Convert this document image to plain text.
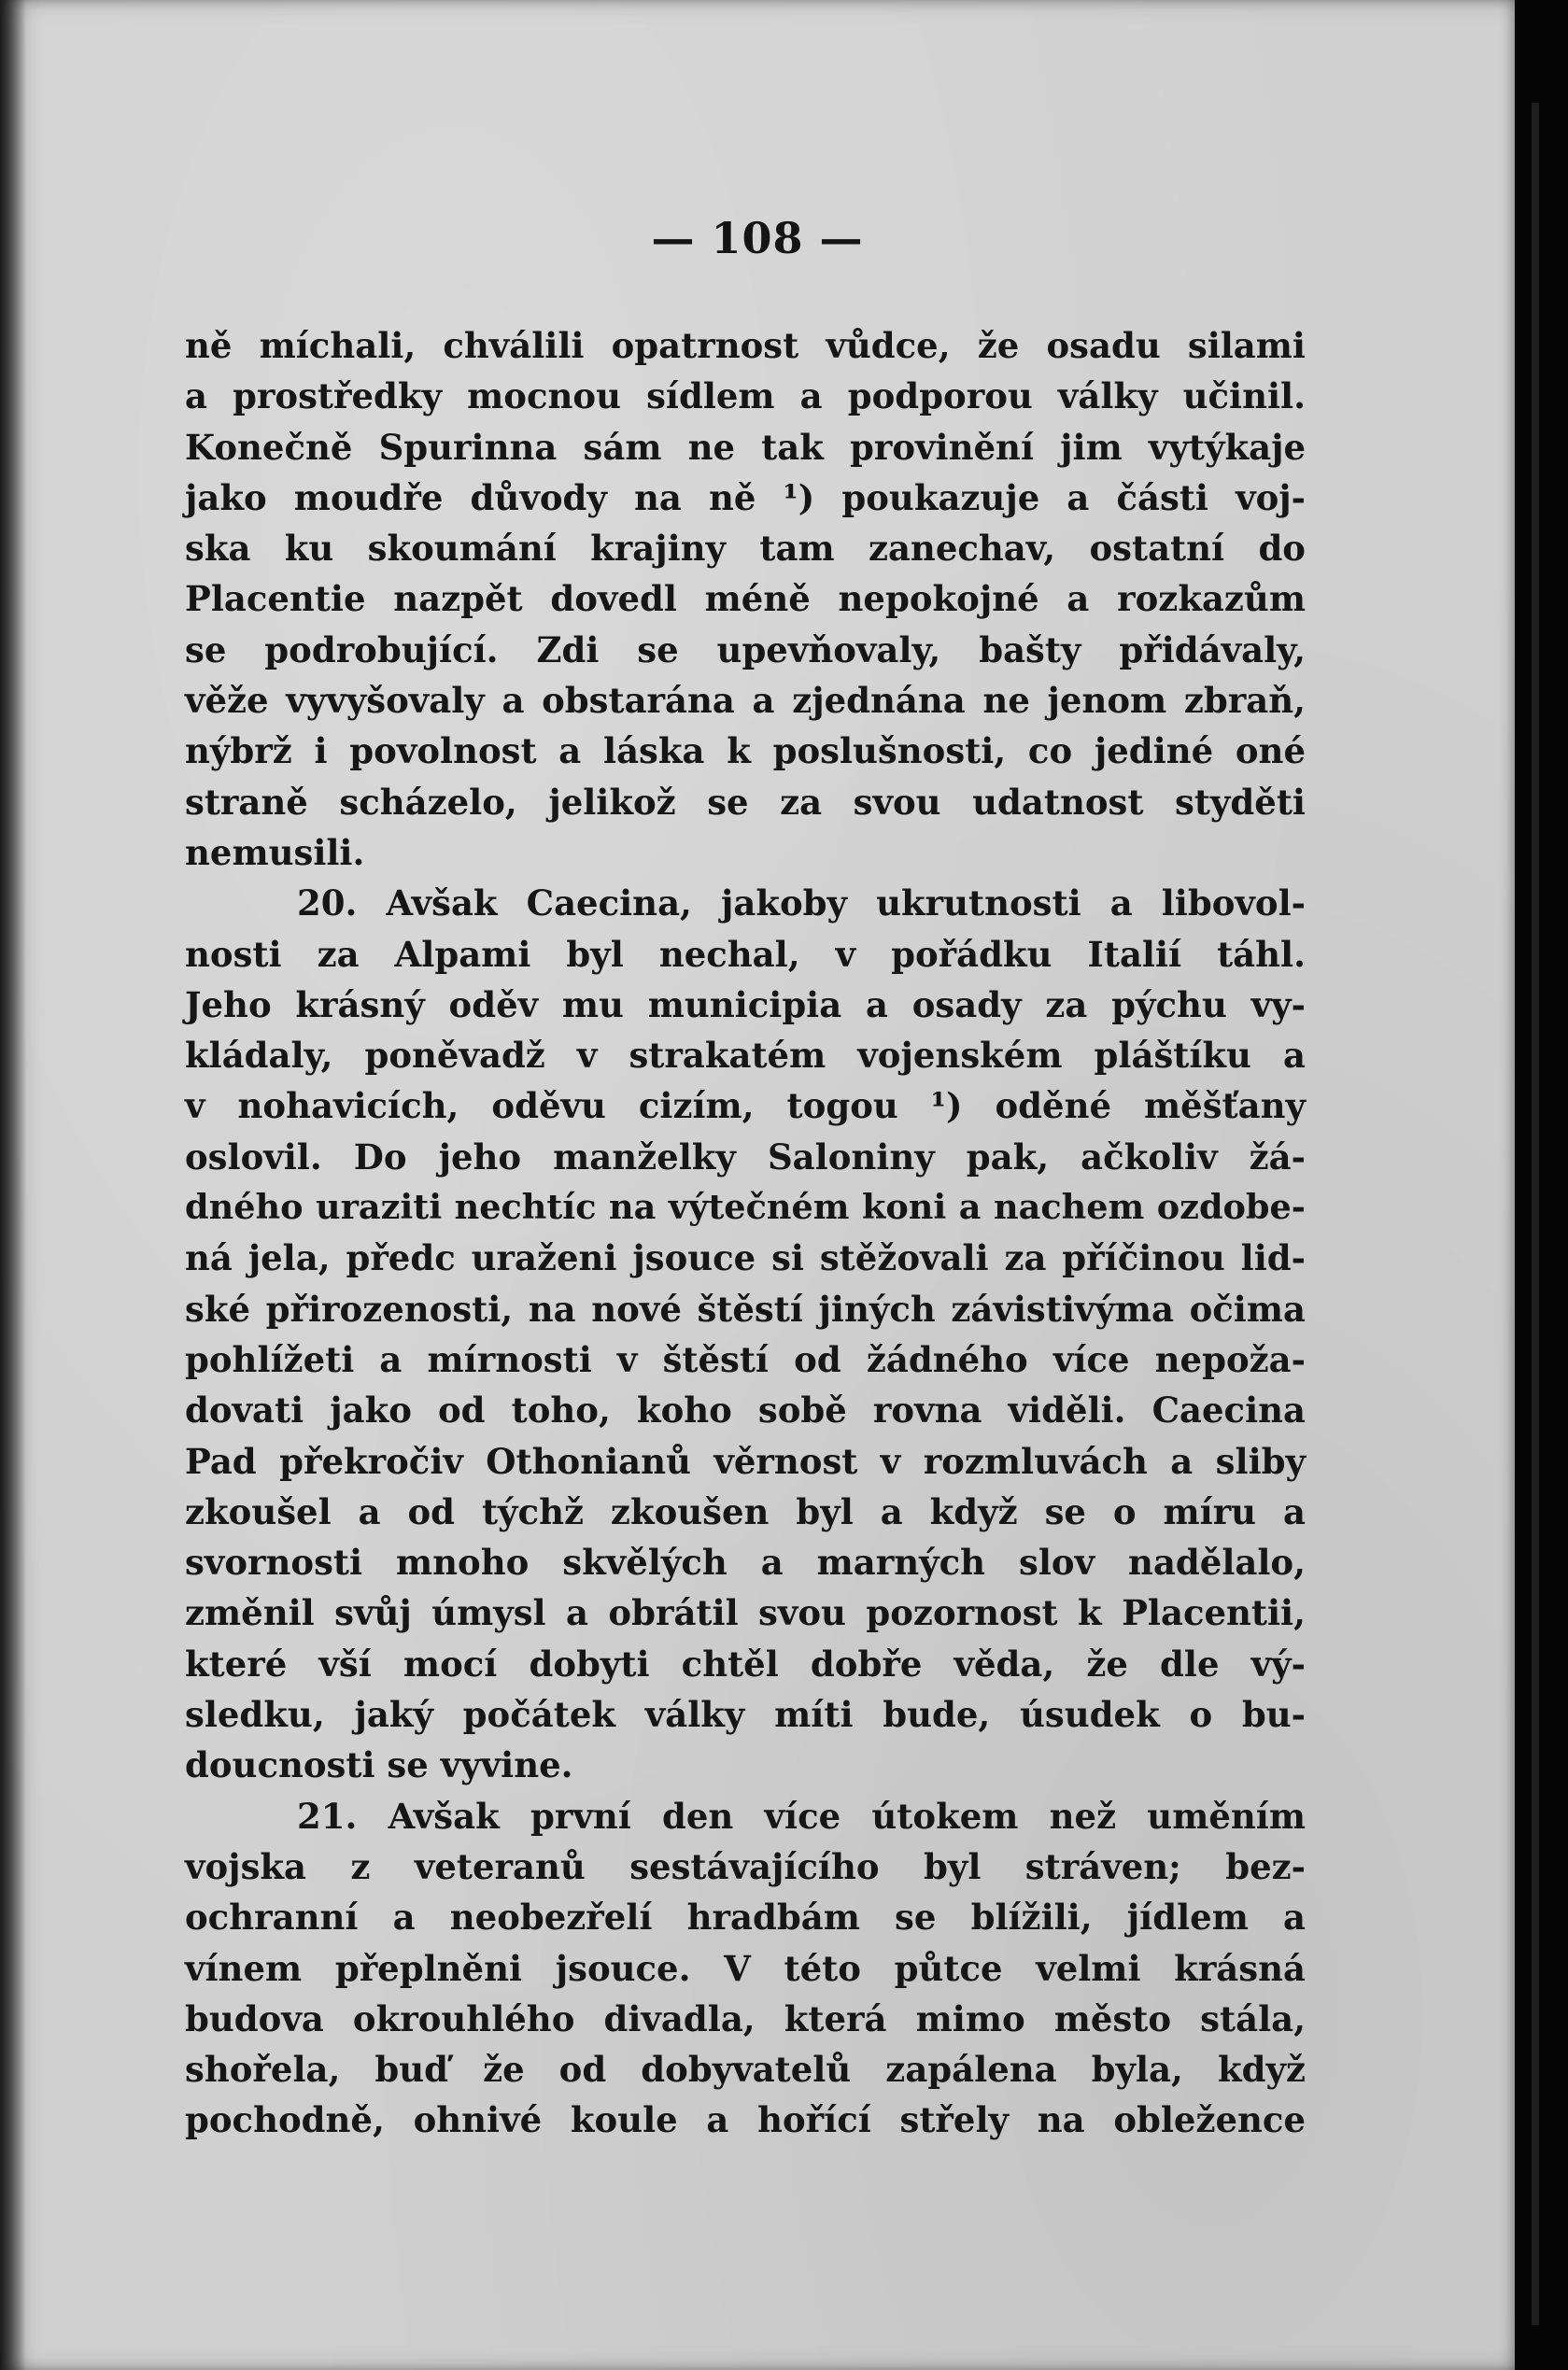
— 108 —
ně míchali, chválili opatrnost vůdce, že osadu silami
a prostředky mocnou sídlem a podporou války učinil.
Konečně Spurinna sám ne tak provinění jim vytýkaje
jako moudře důvody na ně ¹) poukazuje a části voj-
ska ku skoumání krajiny tam zanechav, ostatní do
Placentie nazpět dovedl méně nepokojné a rozkazům
se podrobující. Zdi se upevňovaly, bašty přidávaly,
věže vyvyšovaly a obstarána a zjednána ne jenom zbraň,
nýbrž i povolnost a láska k poslušnosti, co jediné oné
straně scházelo, jelikož se za svou udatnost styděti
nemusili.
20. Avšak Caecina, jakoby ukrutnosti a libovol-
nosti za Alpami byl nechal, v pořádku Italií táhl.
Jeho krásný oděv mu municipia a osady za pýchu vy-
kládaly, poněvadž v strakatém vojenském pláštíku a
v nohavicích, oděvu cizím, togou ¹) oděné měšťany
oslovil. Do jeho manželky Saloniny pak, ačkoliv žá-
dného uraziti nechtíc na výtečném koni a nachem ozdobe-
ná jela, předc uraženi jsouce si stěžovali za příčinou lid-
ské přirozenosti, na nové štěstí jiných závistivýma očima
pohlížeti a mírnosti v štěstí od žádného více nepoža-
dovati jako od toho, koho sobě rovna viděli. Caecina
Pad překročiv Othonianů věrnost v rozmluvách a sliby
zkoušel a od týchž zkoušen byl a když se o míru a
svornosti mnoho skvělých a marných slov nadělalo,
změnil svůj úmysl a obrátil svou pozornost k Placentii,
které vší mocí dobyti chtěl dobře věda, že dle vý-
sledku, jaký počátek války míti bude, úsudek o bu-
doucnosti se vyvine.
21. Avšak první den více útokem než uměním
vojska z veteranů sestávajícího byl stráven; bez-
ochranní a neobezřelí hradbám se blížili, jídlem a
vínem přeplněni jsouce. V této půtce velmi krásná
budova okrouhlého divadla, která mimo město stála,
shořela, buď že od dobyvatelů zapálena byla, když
pochodně, ohnivé koule a hořící střely na obležence
